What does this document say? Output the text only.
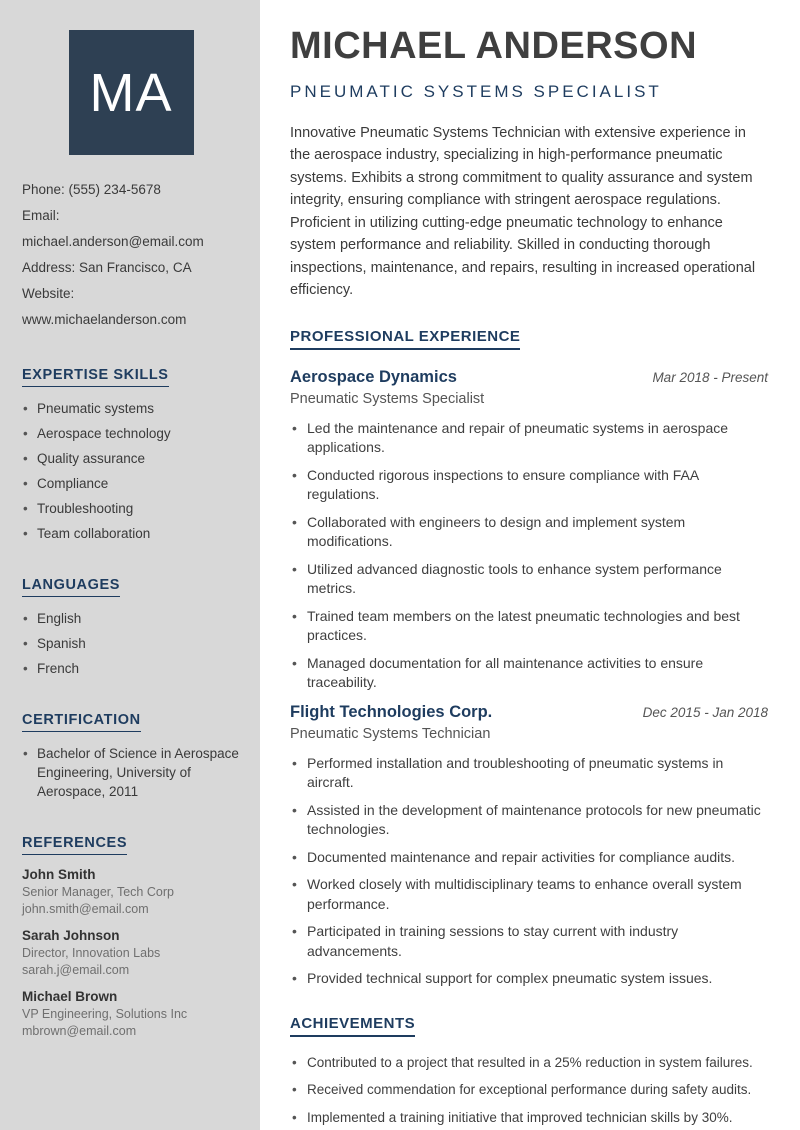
MA

Phone: (555) 234-5678

Email: michael.anderson@email.com

Address: San Francisco, CA

Website: www.michaelanderson.com

EXPERTISE SKILLS
• Pneumatic systems
• Aerospace technology
• Quality assurance
• Compliance
• Troubleshooting
• Team collaboration
LANGUAGES
• English
• Spanish
• French
CERTIFICATION
• Bachelor of Science in Aerospace Engineering, University of Aerospace, 2011
REFERENCES
John Smith
Senior Manager, Tech Corp
john.smith@email.com
Sarah Johnson
Director, Innovation Labs
sarah.j@email.com
Michael Brown
VP Engineering, Solutions Inc
mbrown@email.com
MICHAEL ANDERSON
PNEUMATIC SYSTEMS SPECIALIST

Innovative Pneumatic Systems Technician with extensive experience in the aerospace industry, specializing in high-performance pneumatic systems. Exhibits a strong commitment to quality assurance and system integrity, ensuring compliance with stringent aerospace regulations. Proficient in utilizing cutting-edge pneumatic technology to enhance system performance and reliability. Skilled in conducting thorough inspections, maintenance, and repairs, resulting in increased operational efficiency.

PROFESSIONAL EXPERIENCE
Aerospace Dynamics	Mar 2018 - Present
Pneumatic Systems Specialist
• Led the maintenance and repair of pneumatic systems in aerospace applications.
• Conducted rigorous inspections to ensure compliance with FAA regulations.
• Collaborated with engineers to design and implement system modifications.
• Utilized advanced diagnostic tools to enhance system performance metrics.
• Trained team members on the latest pneumatic technologies and best practices.
• Managed documentation for all maintenance activities to ensure traceability.
Flight Technologies Corp.	Dec 2015 - Jan 2018
Pneumatic Systems Technician
• Performed installation and troubleshooting of pneumatic systems in aircraft.
• Assisted in the development of maintenance protocols for new pneumatic technologies.
• Documented maintenance and repair activities for compliance audits.
• Worked closely with multidisciplinary teams to enhance overall system performance.
• Participated in training sessions to stay current with industry advancements.
• Provided technical support for complex pneumatic system issues.
ACHIEVEMENTS
• Contributed to a project that resulted in a 25% reduction in system failures.
• Received commendation for exceptional performance during safety audits.
• Implemented a training initiative that improved technician skills by 30%.
